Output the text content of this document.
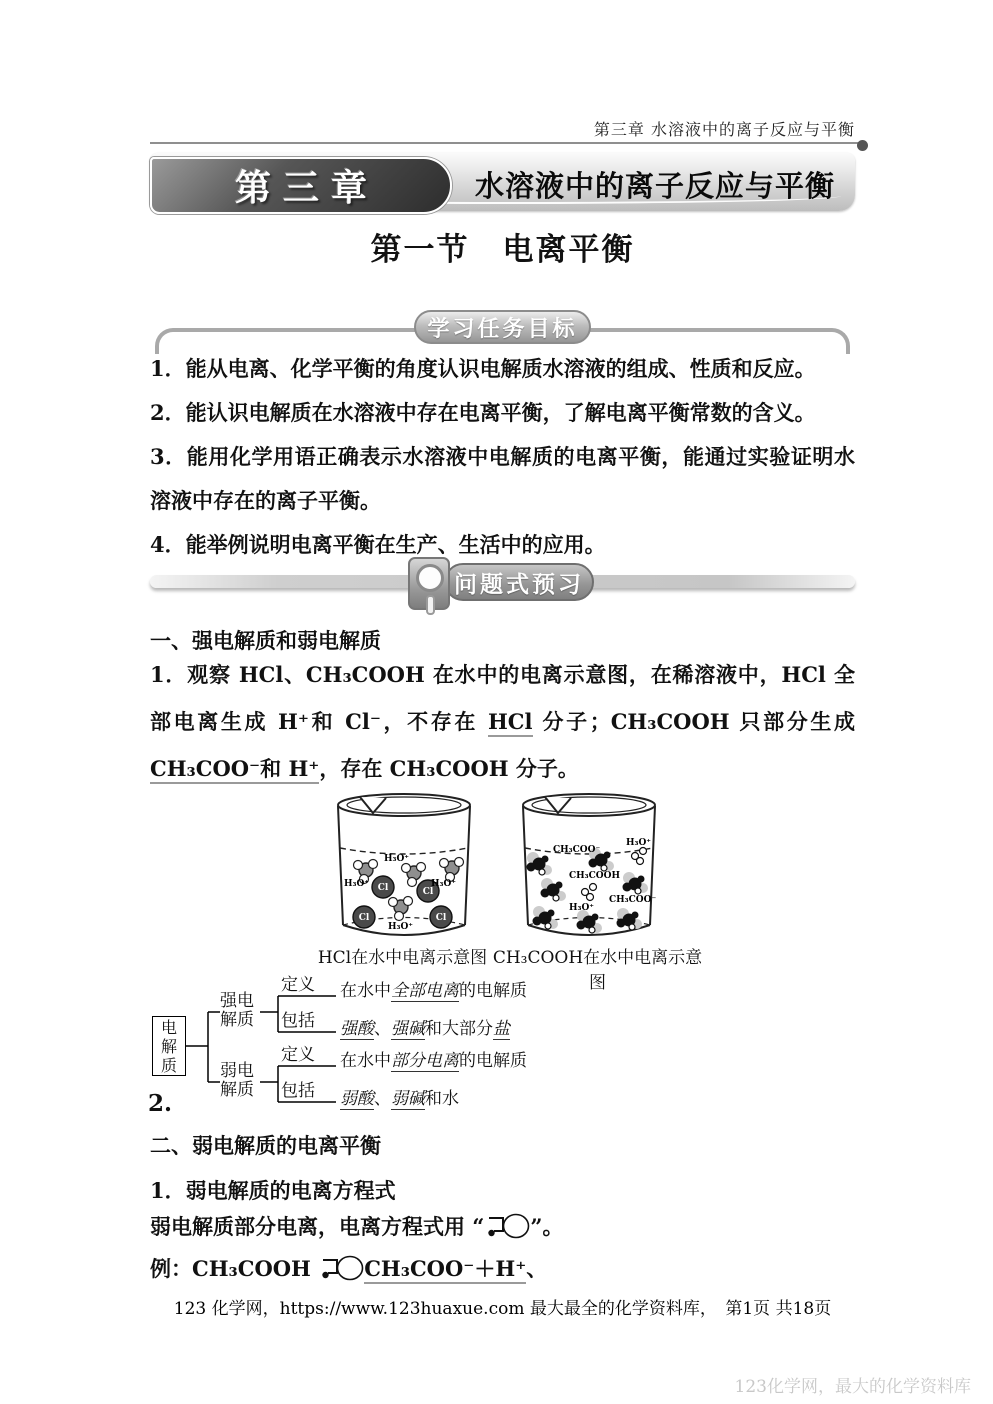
第三章 水溶液中的离子反应与平衡
第三章	水溶液中的离子反应与平衡
第一节　电离平衡
学习任务目标

1．能从电离、化学平衡的角度认识电解质水溶液的组成、性质和反应。

2．能认识电解质在水溶液中存在电离平衡，了解电离平衡常数的含义。

3．能用化学用语正确表示水溶液中电解质的电离平衡，能通过实验证明水溶液中存在的离子平衡。

4．能举例说明电离平衡在生产、生活中的应用。

问题式预习
一、强电解质和弱电解质
1．观察 HCl、CH₃COOH 在水中的电离示意图，在稀溶液中，HCl 全部电离生成 H⁺和 Cl⁻，不存在 HCl 分子；CH₃COOH 只部分生成 CH₃COO⁻和 H⁺，存在 CH₃COOH 分子。
Cl	Cl
Cl	Cl
H₃O⁺
H₃O⁺	H₃O⁺
H₃O⁺
CH₃COO⁻
H₃O⁺
CH₃COOH
H₃O⁺
CH₃COO⁻
HCl在水中电离示意图 CH₃COOH在水中电离示意图
电
解
质
强电
解质
定义 在水中全部电离的电解质
包括 强酸、强碱和大部分盐
弱电
解质
定义 在水中部分电离的电解质
包括 弱酸、弱碱和水
2.
二、弱电解质的电离平衡
1．弱电解质的电离方程式
弱电解质部分电离，电离方程式用 “ ”。
例：CH₃COOH CH₃COO⁻＋H⁺、
123 化学网，https://www.123huaxue.com 最大最全的化学资料库，　第1页 共18页
123化学网，最大的化学资料库
